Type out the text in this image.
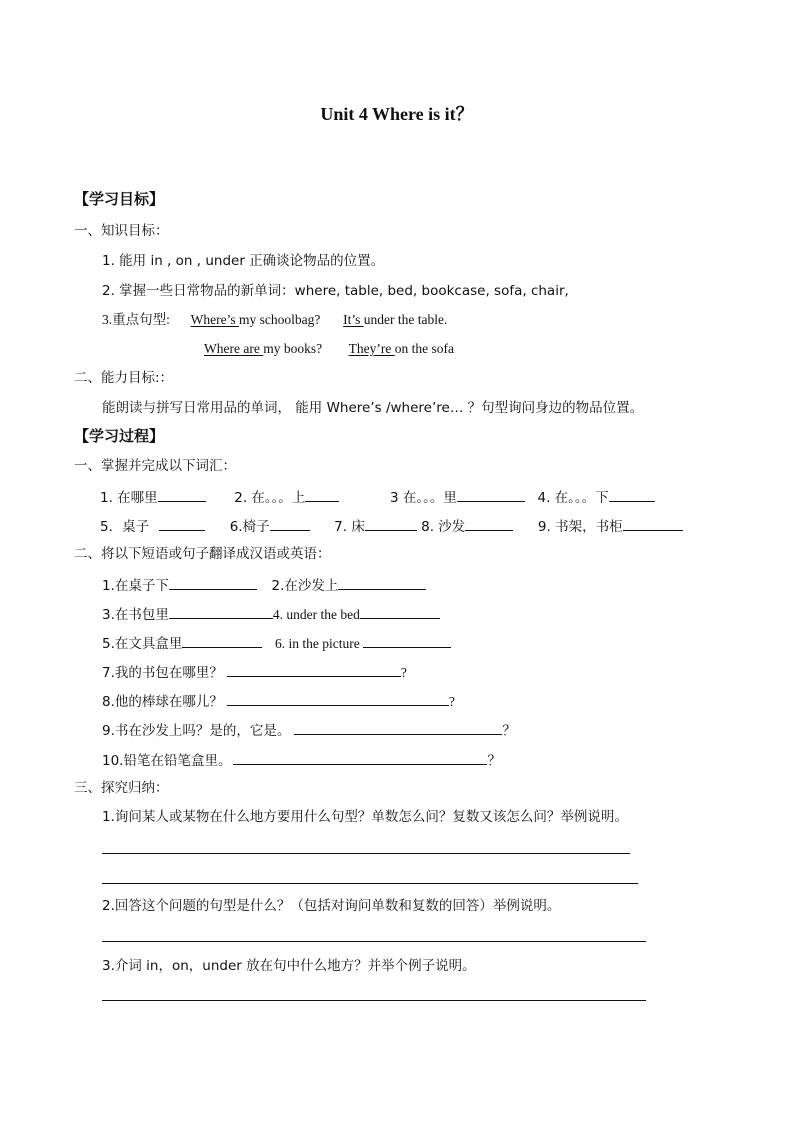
Unit 4 Where is it？
【学习目标】
一、知识目标：
1. 能用 in , on , under 正确谈论物品的位置。
2. 掌握一些日常物品的新单词：where, table, bed, bookcase, sofa, chair,
3.重点句型: Where’s my schoolbag? It’s under the table.
Where are my books? They’re on the sofa
二、能力目标:：
能朗读与拼写日常用品的单词， 能用 Where’s /where’re… ？句型询问身边的物品位置。
【学习过程】
一、掌握并完成以下词汇：
1. 在哪里	2. 在。。。上	3 在。。。里	4. 在。。。下
5．桌子	6.椅子	7. 床	8. 沙发	9. 书架，书柜
二、将以下短语或句子翻译成汉语或英语：
1.在桌子下	2.在沙发上
3.在书包里	4. under the bed
5.在文具盒里	6. in the picture
7.我的书包在哪里？	?
8.他的棒球在哪儿？	?
9.书在沙发上吗？是的，它是。	？
10.铅笔在铅笔盒里。	？
三、探究归纳：
1.询问某人或某物在什么地方要用什么句型？单数怎么问？复数又该怎么问？举例说明。
2.回答这个问题的句型是什么？（包括对询问单数和复数的回答）举例说明。
3.介词 in，on，under 放在句中什么地方？并举个例子说明。
